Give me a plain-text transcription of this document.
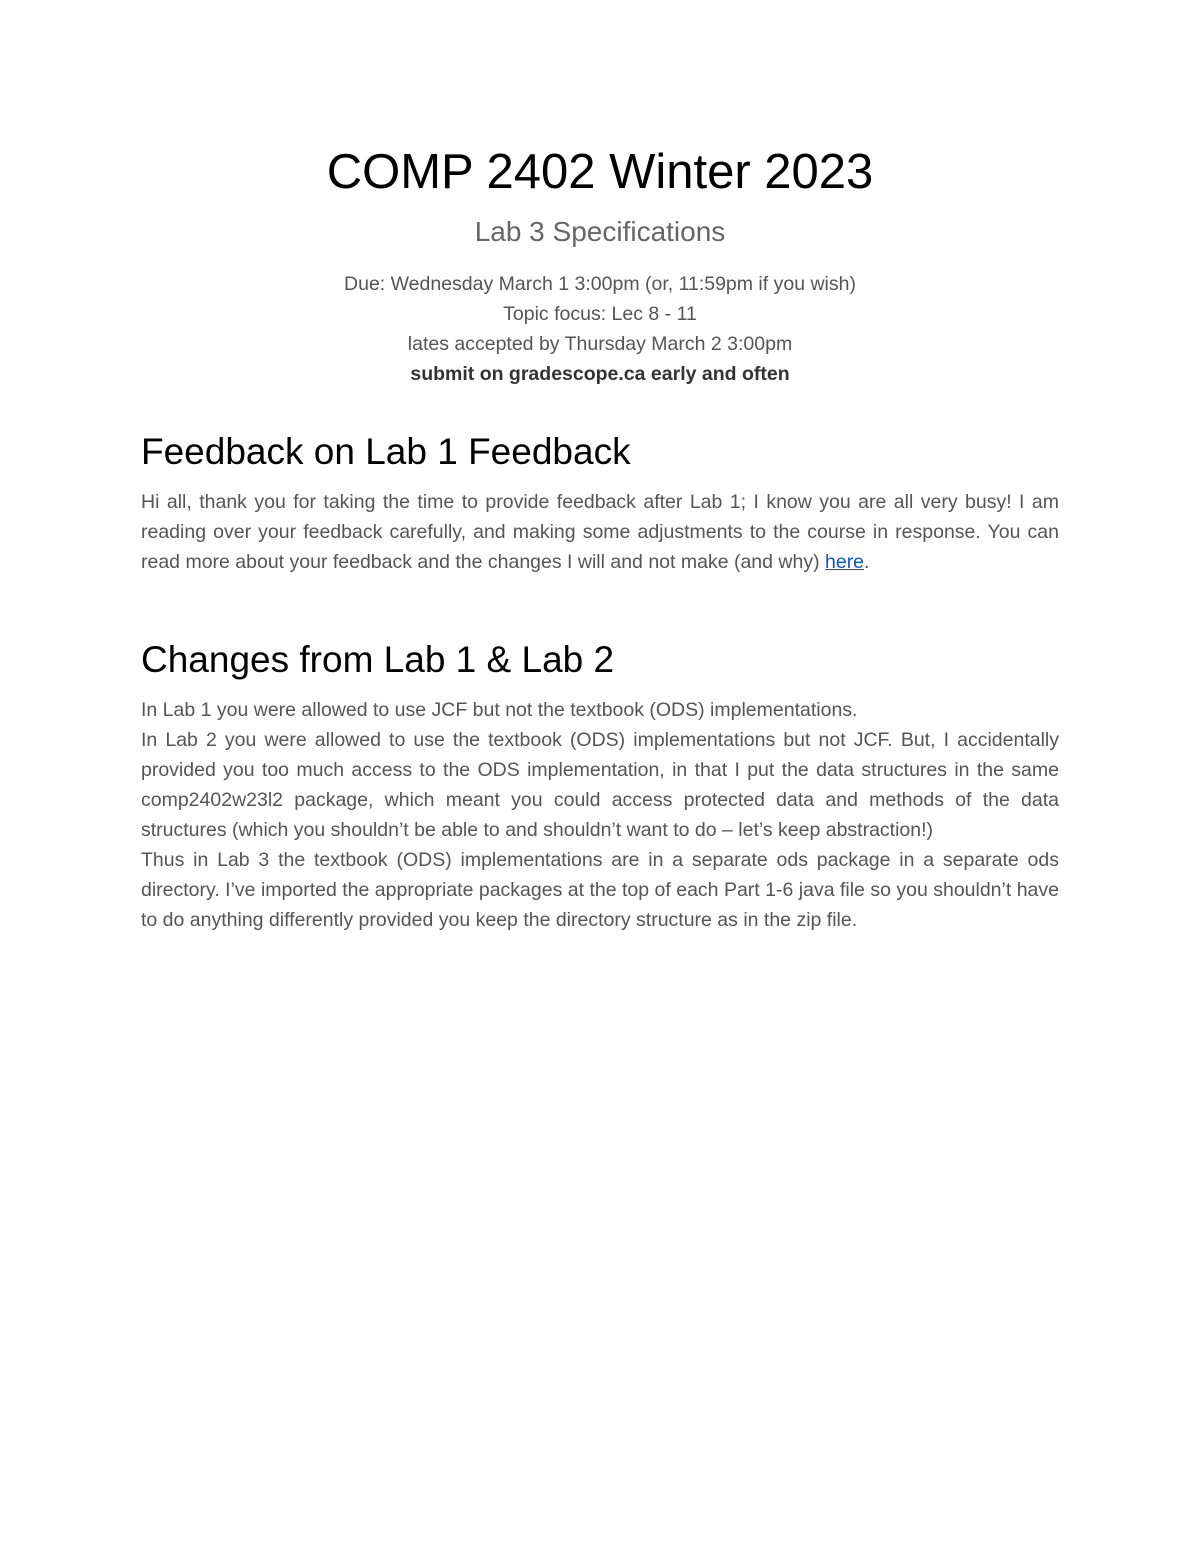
COMP 2402 Winter 2023
Lab 3 Specifications
Due: Wednesday March 1 3:00pm (or, 11:59pm if you wish)
Topic focus: Lec 8 - 11
lates accepted by Thursday March 2 3:00pm
submit on gradescope.ca early and often
Feedback on Lab 1 Feedback

Hi all, thank you for taking the time to provide feedback after Lab 1; I know you are all very busy! I am reading over your feedback carefully, and making some adjustments to the course in response. You can read more about your feedback and the changes I will and not make (and why) here.

Changes from Lab 1 & Lab 2

In Lab 1 you were allowed to use JCF but not the textbook (ODS) implementations.

In Lab 2 you were allowed to use the textbook (ODS) implementations but not JCF. But, I accidentally provided you too much access to the ODS implementation, in that I put the data structures in the same comp2402w23l2 package, which meant you could access protected data and methods of the data structures (which you shouldn’t be able to and shouldn’t want to do – let’s keep abstraction!)

Thus in Lab 3 the textbook (ODS) implementations are in a separate ods package in a separate ods directory. I’ve imported the appropriate packages at the top of each Part 1-6 java file so you shouldn’t have to do anything differently provided you keep the directory structure as in the zip file.
